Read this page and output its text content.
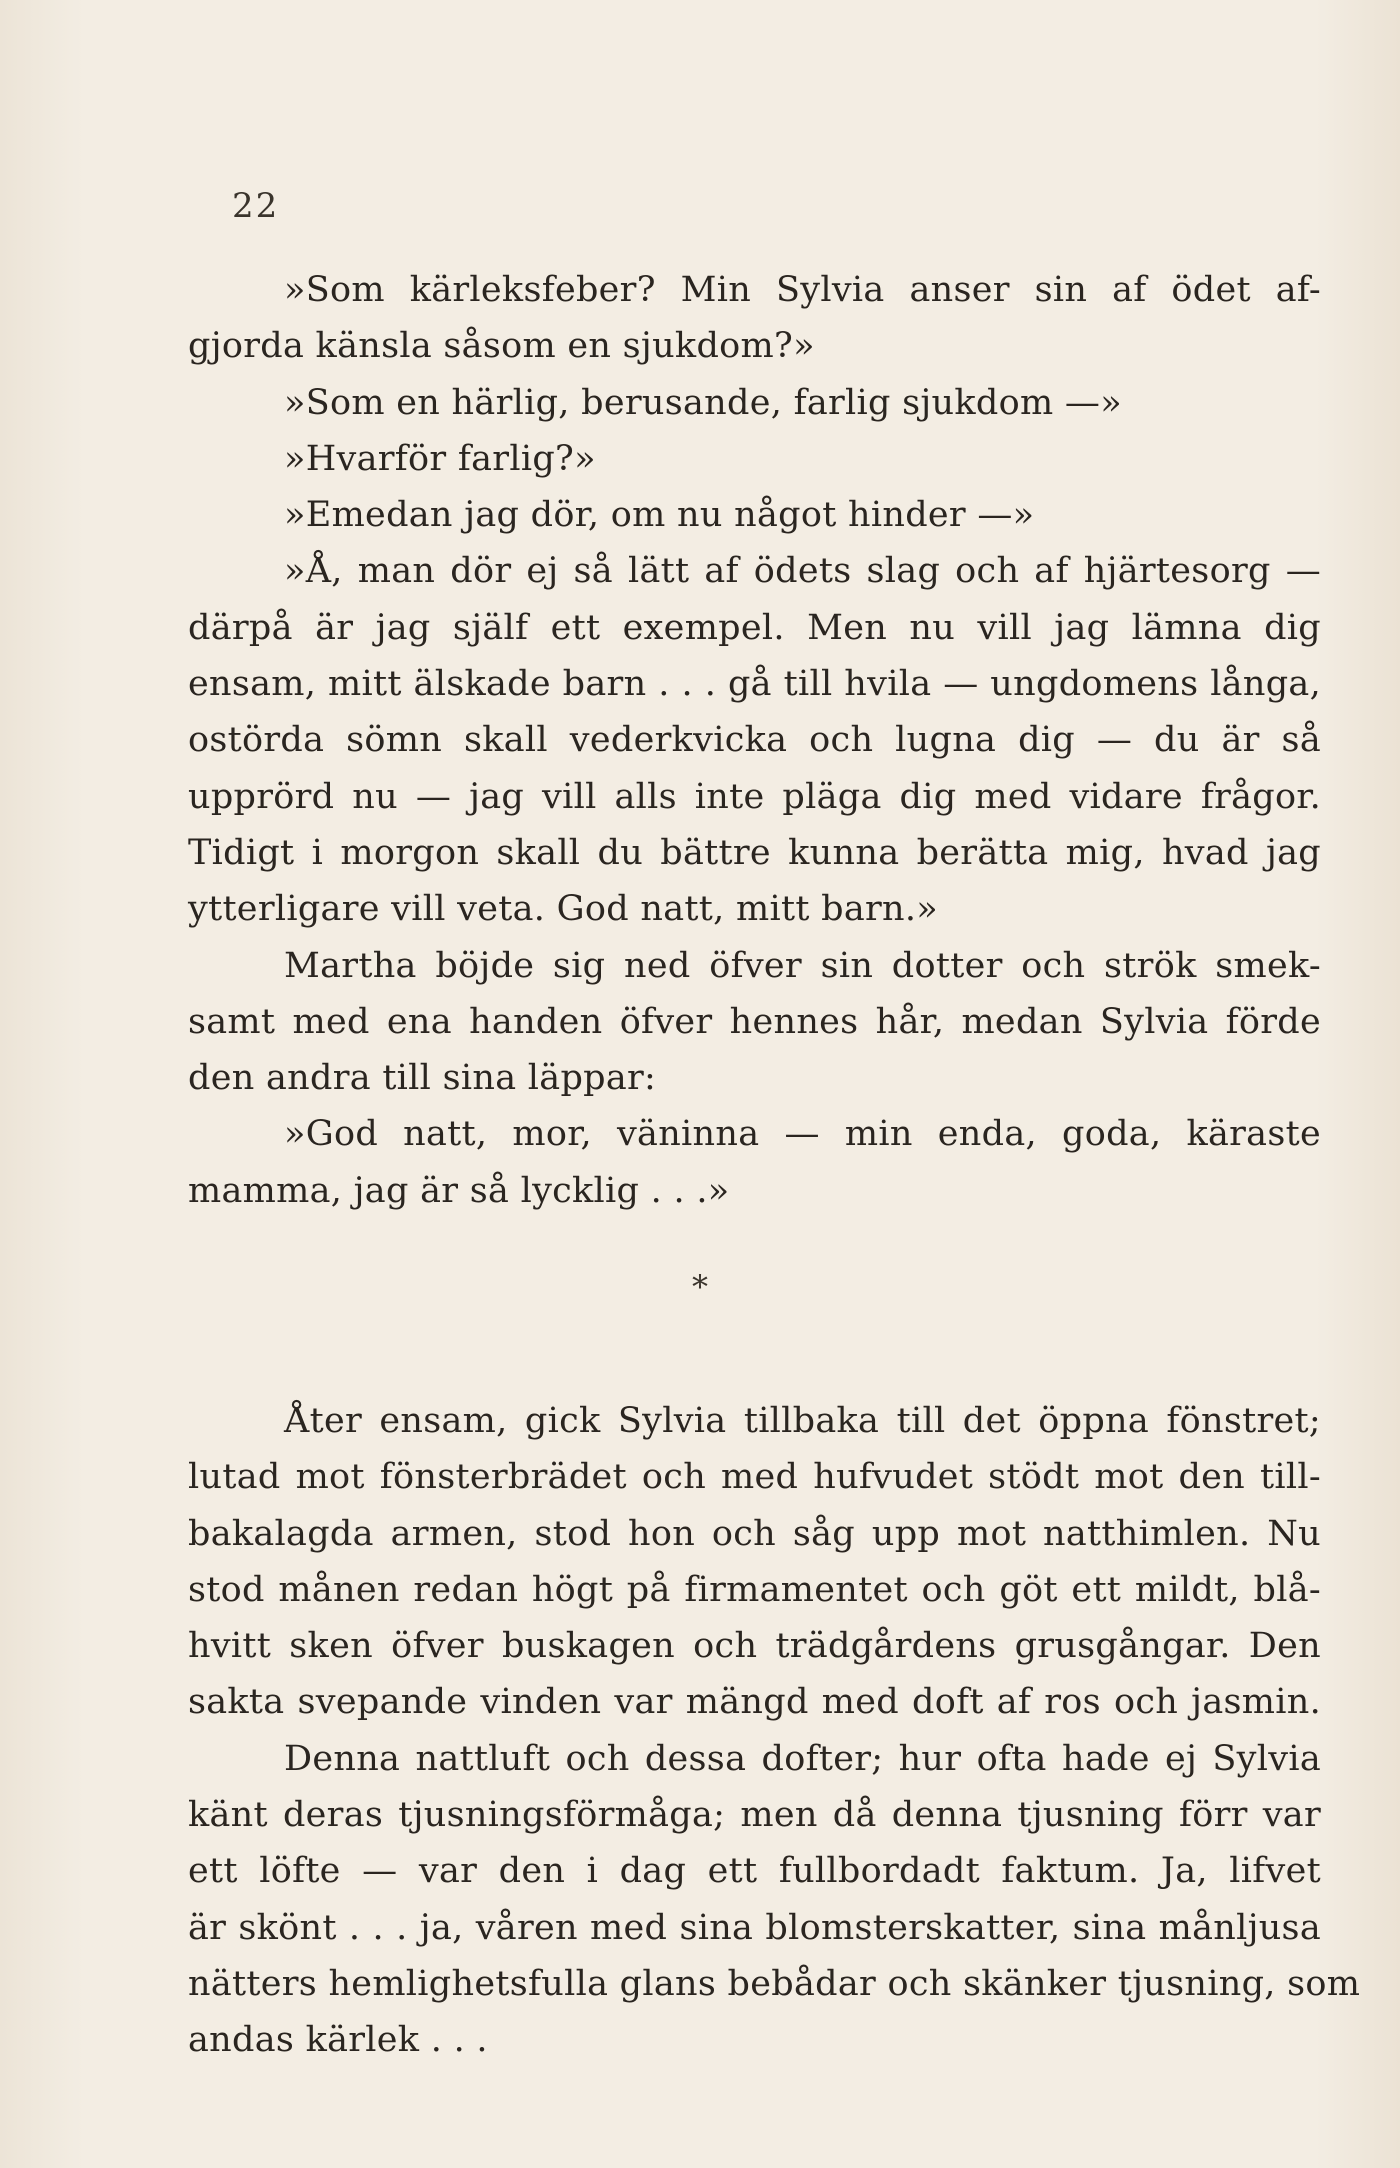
22
»Som kärleksfeber? Min Sylvia anser sin af ödet af-
gjorda känsla såsom en sjukdom?»
»Som en härlig, berusande, farlig sjukdom —»
»Hvarför farlig?»
»Emedan jag dör, om nu något hinder —»
»Å, man dör ej så lätt af ödets slag och af hjärtesorg —
därpå är jag själf ett exempel. Men nu vill jag lämna dig
ensam, mitt älskade barn . . . gå till hvila — ungdomens långa,
ostörda sömn skall vederkvicka och lugna dig — du är så
upprörd nu — jag vill alls inte pläga dig med vidare frågor.
Tidigt i morgon skall du bättre kunna berätta mig, hvad jag
ytterligare vill veta. God natt, mitt barn.»
Martha böjde sig ned öfver sin dotter och strök smek-
samt med ena handen öfver hennes hår, medan Sylvia förde
den andra till sina läppar:
»God natt, mor, väninna — min enda, goda, käraste
mamma, jag är så lycklig . . .»
*
Åter ensam, gick Sylvia tillbaka till det öppna fönstret;
lutad mot fönsterbrädet och med hufvudet stödt mot den till-
bakalagda armen, stod hon och såg upp mot natthimlen. Nu
stod månen redan högt på firmamentet och göt ett mildt, blå-
hvitt sken öfver buskagen och trädgårdens grusgångar. Den
sakta svepande vinden var mängd med doft af ros och jasmin.
Denna nattluft och dessa dofter; hur ofta hade ej Sylvia
känt deras tjusningsförmåga; men då denna tjusning förr var
ett löfte — var den i dag ett fullbordadt faktum. Ja, lifvet
är skönt . . . ja, våren med sina blomsterskatter, sina månljusa
nätters hemlighetsfulla glans bebådar och skänker tjusning, som
andas kärlek . . .
